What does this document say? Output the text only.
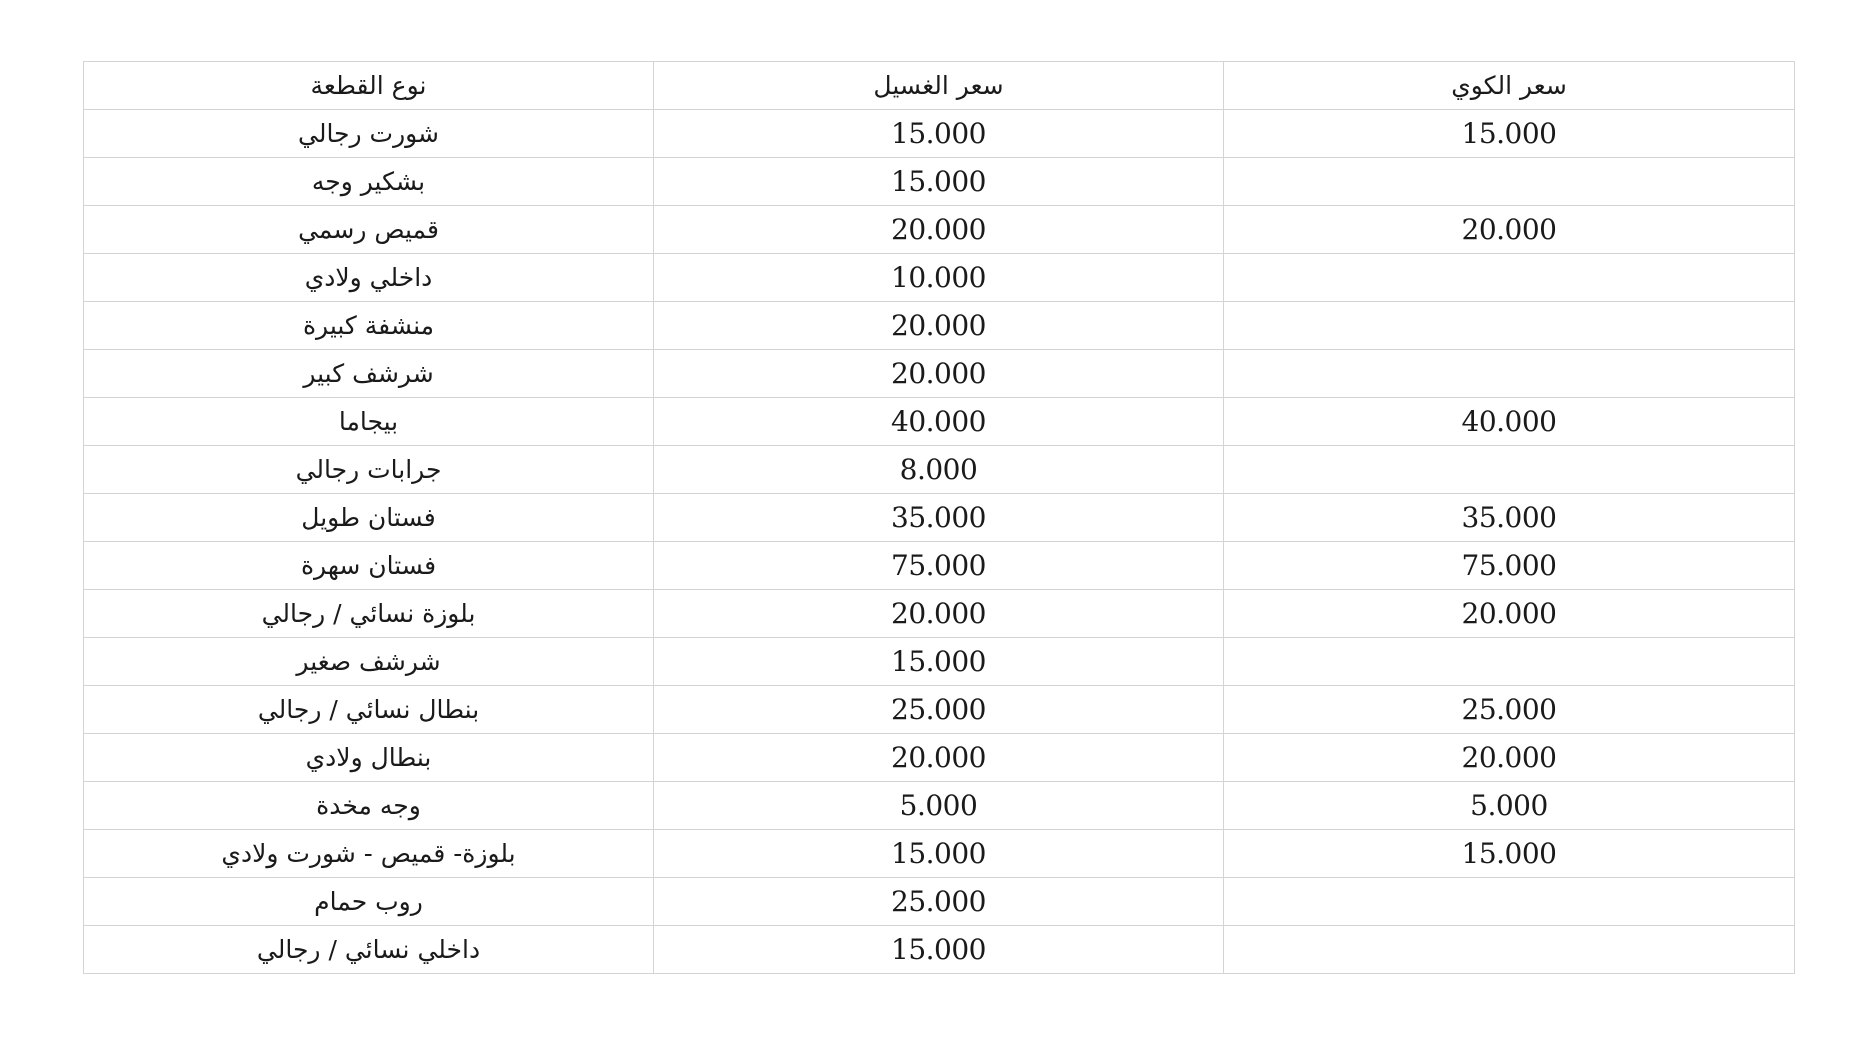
نوع القطعة	سعر الغسيل	سعر الكوي
شورت رجالي	15.000	15.000
بشكير وجه	15.000	
قميص رسمي	20.000	20.000
داخلي ولادي	10.000	
منشفة كبيرة	20.000	
شرشف كبير	20.000	
بيجاما	40.000	40.000
جرابات رجالي	8.000	
فستان طويل	35.000	35.000
فستان سهرة	75.000	75.000
بلوزة نسائي / رجالي	20.000	20.000
شرشف صغير	15.000	
بنطال نسائي / رجالي	25.000	25.000
بنطال ولادي	20.000	20.000
وجه مخدة	5.000	5.000
بلوزة- قميص - شورت ولادي	15.000	15.000
روب حمام	25.000	
داخلي نسائي / رجالي	15.000	
